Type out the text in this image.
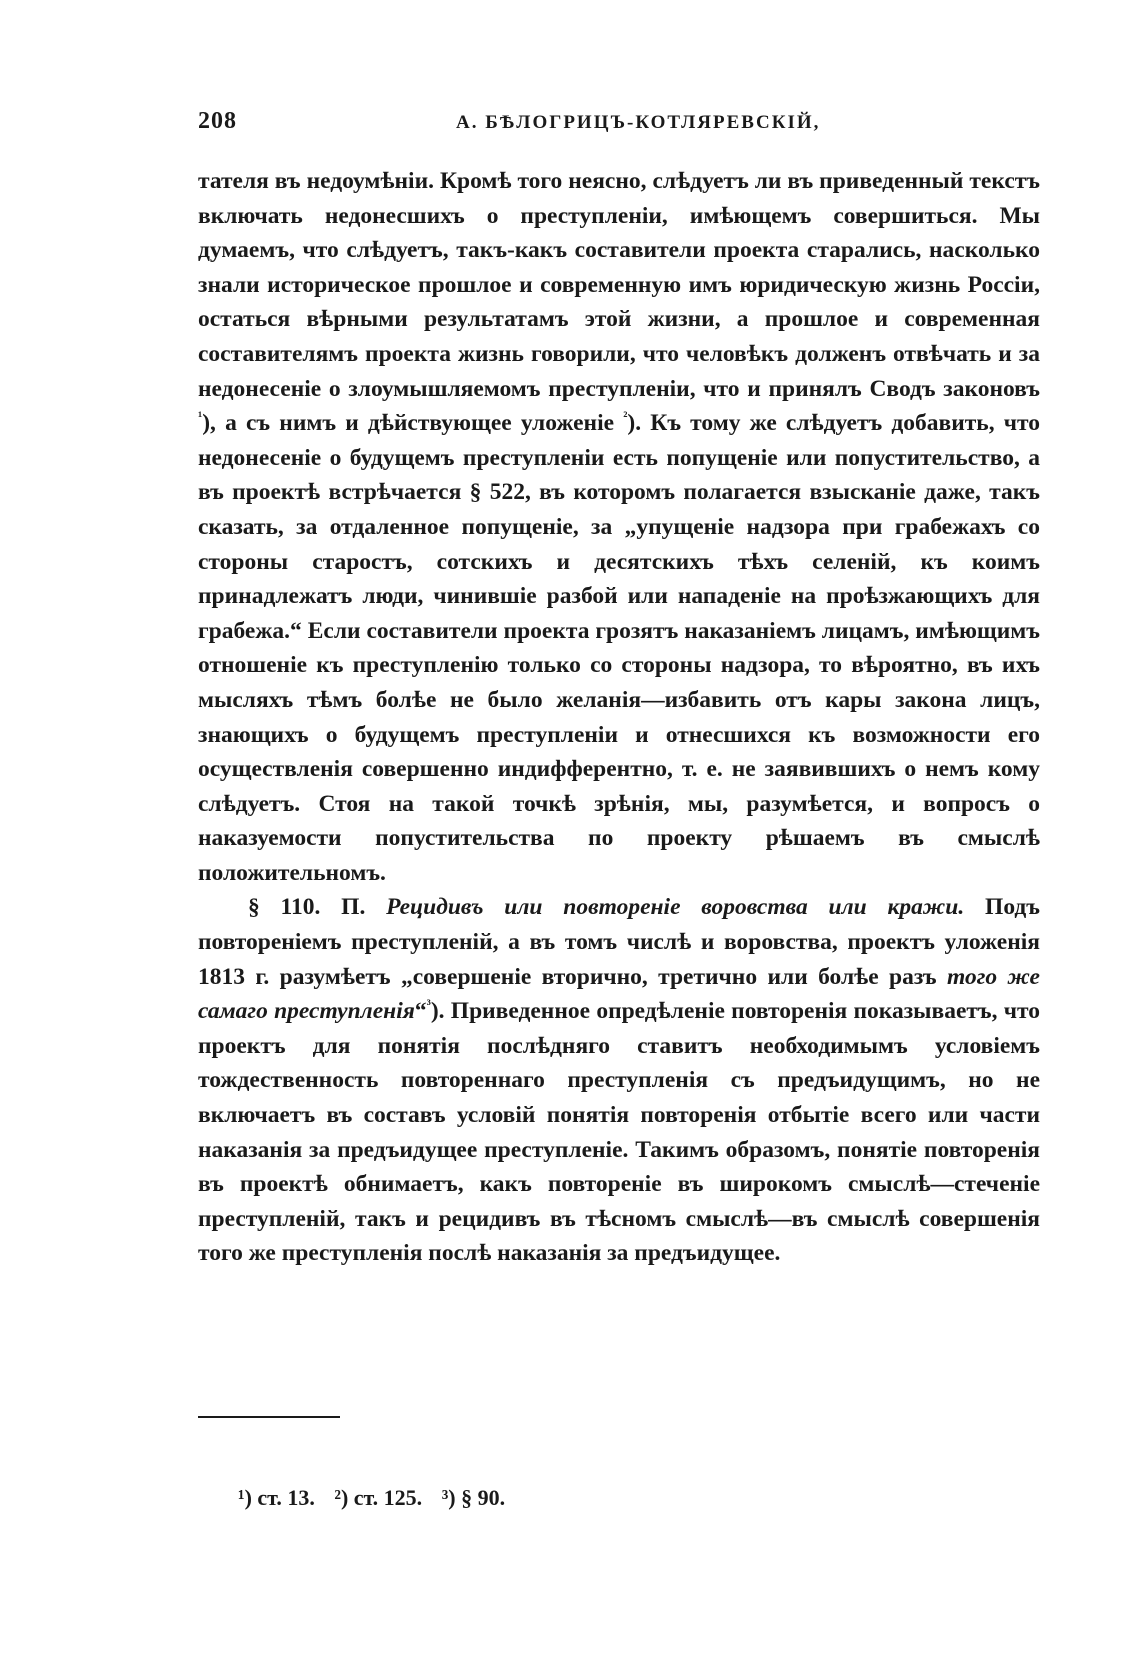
208	А. БѢЛОГРИЦЪ-КОТЛЯРЕВСКІЙ,

тателя въ недоумѣніи. Кромѣ того неясно, слѣдуетъ ли въ приведенный текстъ включать недонесшихъ о преступленіи, имѣющемъ совершиться. Мы думаемъ, что слѣдуетъ, такъ-какъ составители проекта старались, насколько знали историческое прошлое и современную имъ юридическую жизнь Россіи, остаться вѣрными результатамъ этой жизни, а прошлое и современная составителямъ проекта жизнь говорили, что человѣкъ долженъ отвѣчать и за недонесеніе о злоумышляемомъ преступленіи, что и принялъ Сводъ законовъ $^{^1}$), а съ нимъ и дѣйствующее уложеніе $^{^2}$). Къ тому же слѣдуетъ добавить, что недонесеніе о будущемъ преступленіи есть попущеніе или попустительство, а въ проектѣ встрѣчается § 522, въ которомъ полагается взысканіе даже, такъ сказать, за отдаленное попущеніе, за „упущеніе надзора при грабежахъ со стороны старостъ, сотскихъ и десятскихъ тѣхъ селеній, къ коимъ принадлежатъ люди, чинившіе разбой или нападеніе на проѣзжающихъ для грабежа.“ Если составители проекта грозятъ наказаніемъ лицамъ, имѣющимъ отношеніе къ преступленію только со стороны надзора, то вѣроятно, въ ихъ мысляхъ тѣмъ болѣе не было желанія—избавить отъ кары закона лицъ, знающихъ о будущемъ преступленіи и отнесшихся къ возможности его осуществленія совершенно индифферентно, т. е. не заявившихъ о немъ кому слѣдуетъ. Стоя на такой точкѣ зрѣнія, мы, разумѣется, и вопросъ о наказуемости попустительства по проекту рѣшаемъ въ смыслѣ положительномъ.

§ 110. П. Рецидивъ или повтореніе воровства или кражи. Подъ повтореніемъ преступленій, а въ томъ числѣ и воровства, проектъ уложенія 1813 г. разумѣетъ „совершеніе вторично, третично или болѣе разъ того же самаго преступленія“$^{^3}$). Приведенное опредѣленіе повторенія показываетъ, что проектъ для понятія послѣдняго ставитъ необходимымъ условіемъ тождественность повтореннаго преступленія съ предъидущимъ, но не включаетъ въ составъ условій понятія повторенія отбытіе всего или части наказанія за предъидущее преступленіе. Такимъ образомъ, понятіе повторенія въ проектѣ обнимаетъ, какъ повтореніе въ широкомъ смыслѣ—стеченіе преступленій, такъ и рецидивъ въ тѣсномъ смыслѣ—въ смыслѣ совершенія того же преступленія послѣ наказанія за предъидущее.

¹) ст. 13. ²) ст. 125. ³) § 90.
